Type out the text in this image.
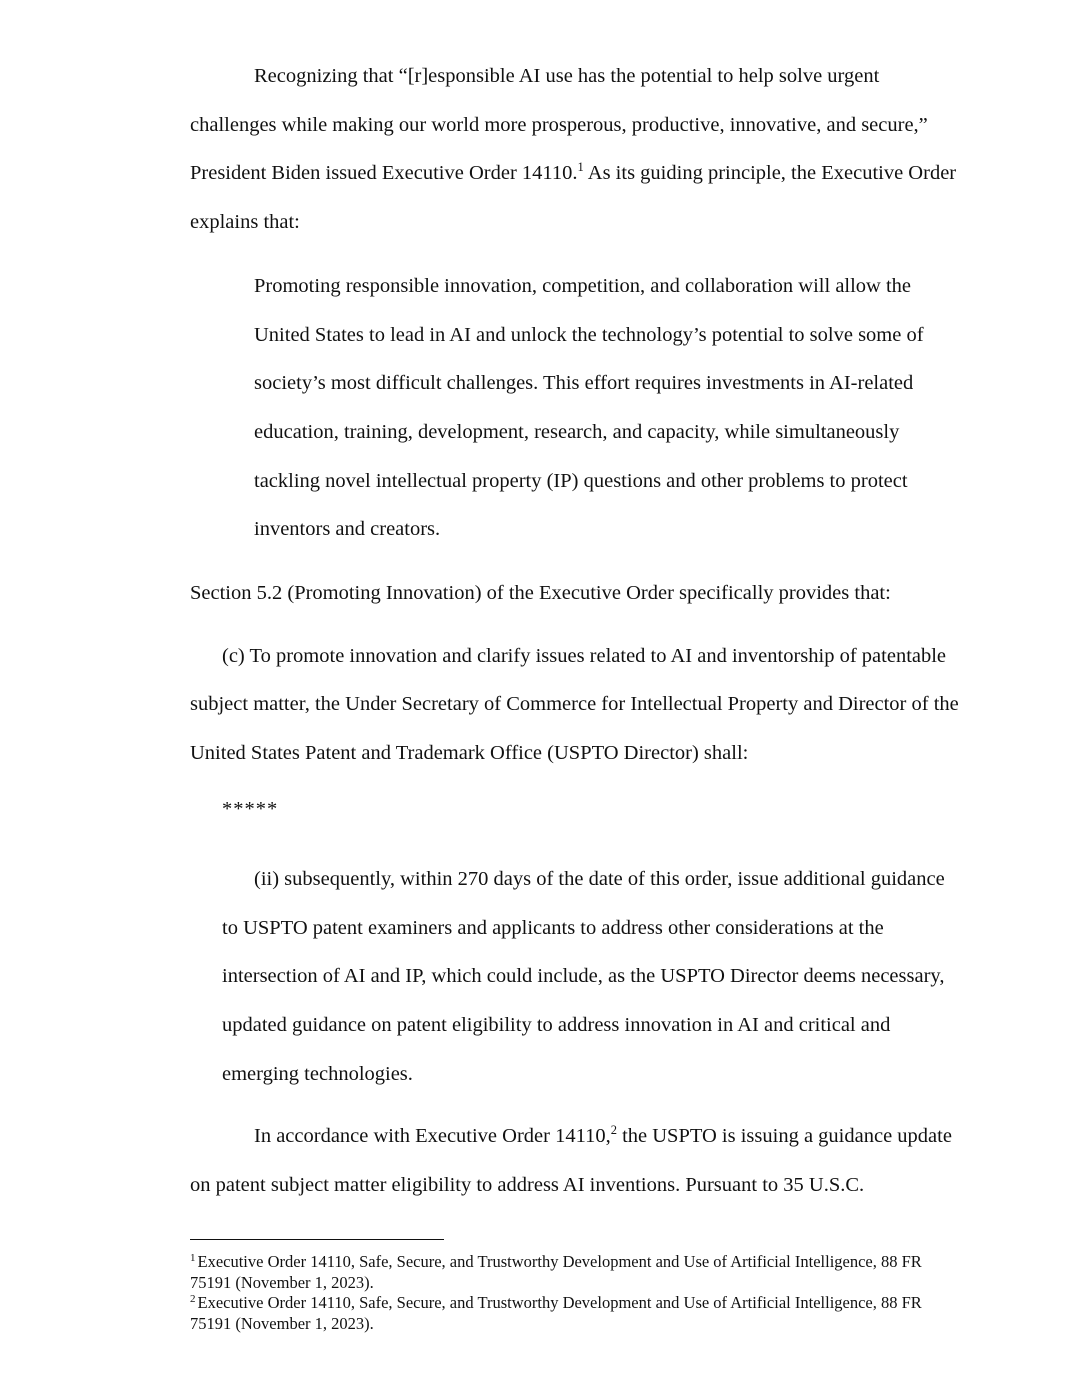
Recognizing that “[r]esponsible AI use has the potential to help solve urgent challenges while making our world more prosperous, productive, innovative, and secure,” President Biden issued Executive Order 14110.$^1$ As its guiding principle, the Executive Order explains that:

Promoting responsible innovation, competition, and collaboration will allow the United States to lead in AI and unlock the technology’s potential to solve some of society’s most difficult challenges. This effort requires investments in AI-related education, training, development, research, and capacity, while simultaneously tackling novel intellectual property (IP) questions and other problems to protect inventors and creators.

Section 5.2 (Promoting Innovation) of the Executive Order specifically provides that:

(c) To promote innovation and clarify issues related to AI and inventorship of patentable subject matter, the Under Secretary of Commerce for Intellectual Property and Director of the United States Patent and Trademark Office (USPTO Director) shall:

*****

(ii) subsequently, within 270 days of the date of this order, issue additional guidance to USPTO patent examiners and applicants to address other considerations at the intersection of AI and IP, which could include, as the USPTO Director deems necessary, updated guidance on patent eligibility to address innovation in AI and critical and emerging technologies.

In accordance with Executive Order 14110,$^2$ the USPTO is issuing a guidance update on patent subject matter eligibility to address AI inventions. Pursuant to 35 U.S.C.

$^1$ Executive Order 14110, Safe, Secure, and Trustworthy Development and Use of Artificial Intelligence, 88 FR 75191 (November 1, 2023).

$^2$ Executive Order 14110, Safe, Secure, and Trustworthy Development and Use of Artificial Intelligence, 88 FR 75191 (November 1, 2023).
